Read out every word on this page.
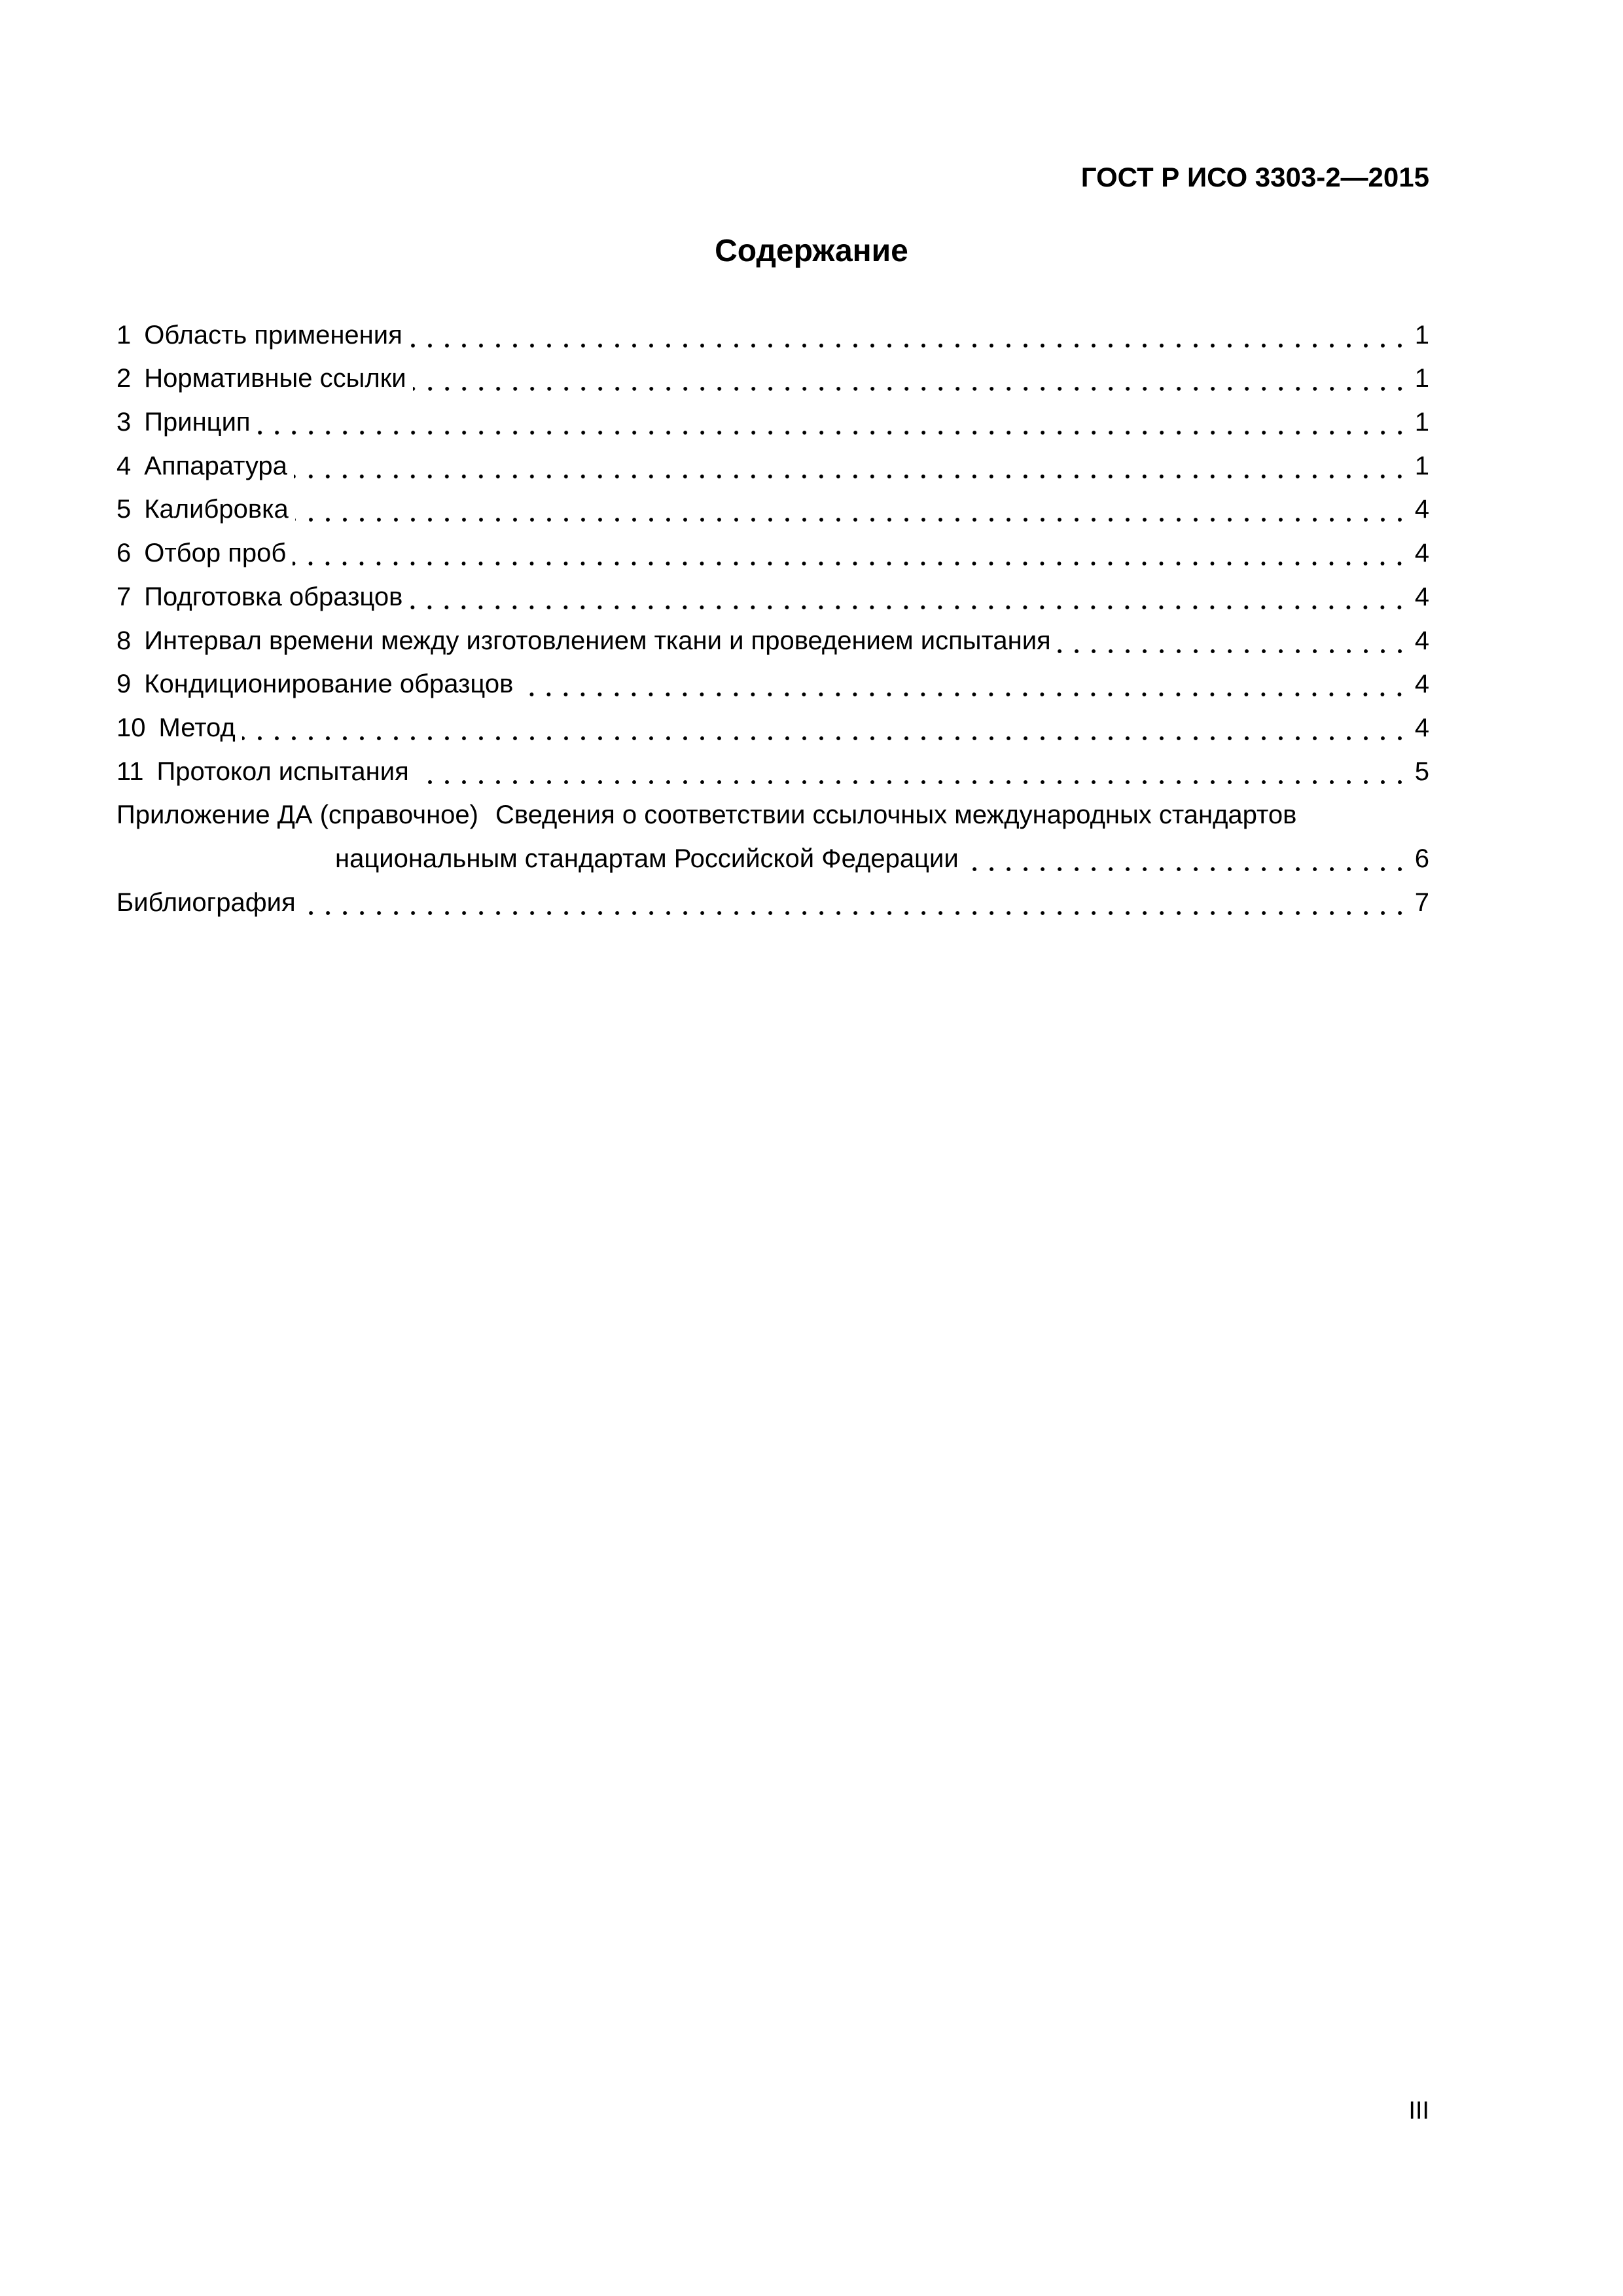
ГОСТ Р ИСО 3303-2—2015
Содержание
1 Область применения	1
2 Нормативные ссылки	1
3 Принцип	1
4 Аппаратура	1
5 Калибровка	4
6 Отбор проб	4
7 Подготовка образцов	4
8 Интервал времени между изготовлением ткани и проведением испытания	4
9 Кондиционирование образцов	4
10 Метод	4
11 Протокол испытания	5
Приложение ДА (справочное) Сведения о соответствии ссылочных международных стандартов
национальным стандартам Российской Федерации	6
Библиография	7
III
